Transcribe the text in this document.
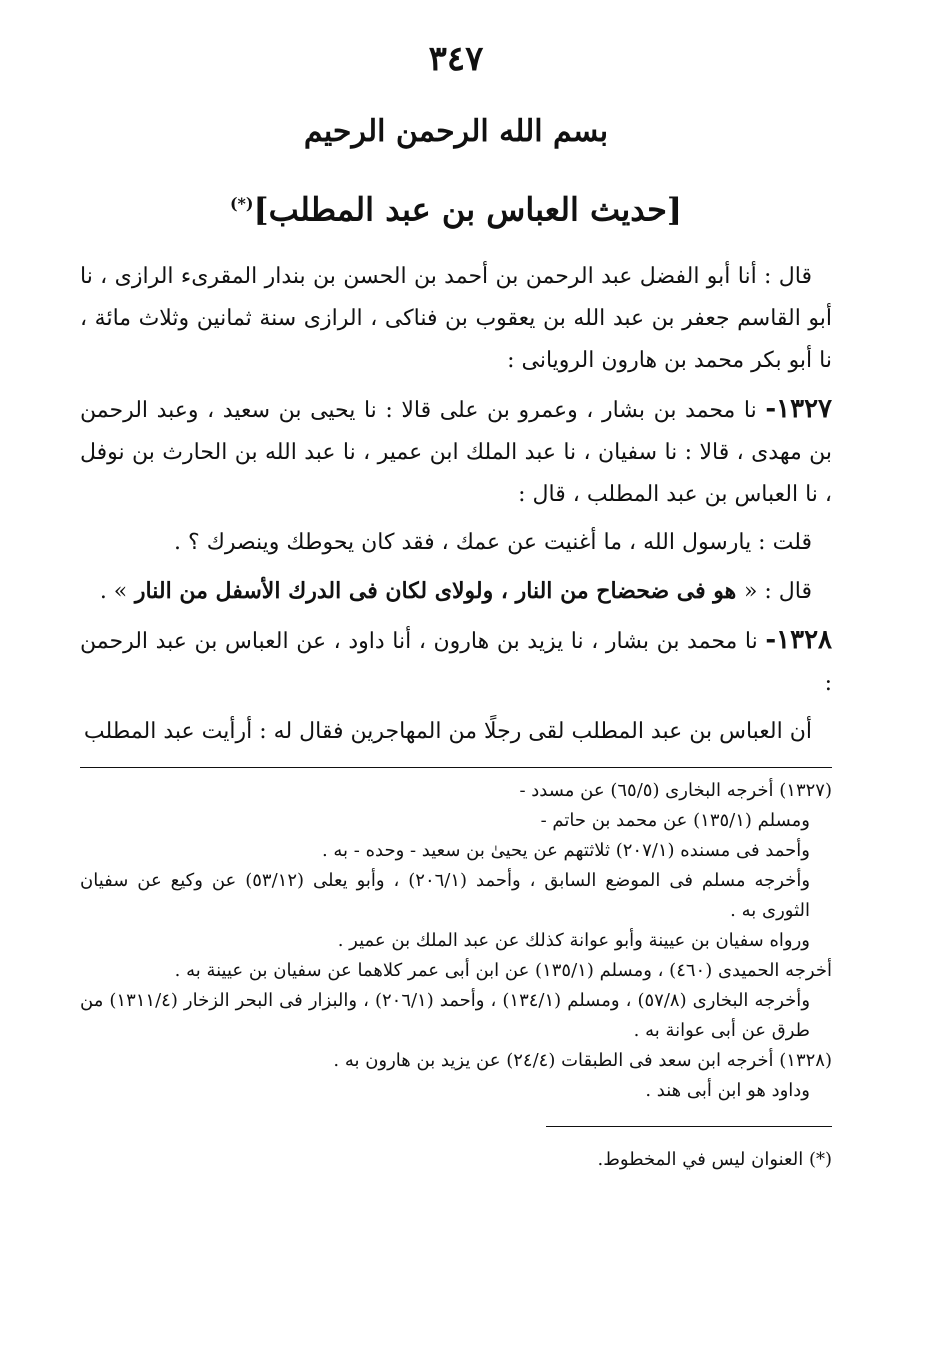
٣٤٧
بسم الله الرحمن الرحيم
[حديث العباس بن عبد المطلب](*)

قال : أنا أبو الفضل عبد الرحمن بن أحمد بن الحسن بن بندار المقرىء الرازى ، نا أبو القاسم جعفر بن عبد الله بن يعقوب بن فناكى ، الرازى سنة ثمانين وثلاث مائة ، نا أبو بكر محمد بن هارون الرويانى :

١٣٢٧- نا محمد بن بشار ، وعمرو بن على قالا : نا يحيى بن سعيد ، وعبد الرحمن بن مهدى ، قالا : نا سفيان ، نا عبد الملك ابن عمير ، نا عبد الله بن الحارث بن نوفل ، نا العباس بن عبد المطلب ، قال :

قلت : يارسول الله ، ما أغنيت عن عمك ، فقد كان يحوطك وينصرك ؟ .

قال : « هو فى ضحضاح من النار ، ولولاى لكان فى الدرك الأسفل من النار » .

١٣٢٨- نا محمد بن بشار ، نا يزيد بن هارون ، أنا داود ، عن العباس بن عبد الرحمن :

أن العباس بن عبد المطلب لقى رجلًا من المهاجرين فقال له : أرأيت عبد المطلب

(١٣٢٧) أخرجه البخارى (٦٥/٥) عن مسدد -

ومسلم (١٣٥/١) عن محمد بن حاتم -

وأحمد فى مسنده (٢٠٧/١) ثلاثتهم عن يحيىٰ بن سعيد - وحده - به .

وأخرجه مسلم فى الموضع السابق ، وأحمد (٢٠٦/١) ، وأبو يعلى (٥٣/١٢) عن وكيع عن سفيان الثورى به .

ورواه سفيان بن عيينة وأبو عوانة كذلك عن عبد الملك بن عمير .

أخرجه الحميدى (٤٦٠) ، ومسلم (١٣٥/١) عن ابن أبى عمر كلاهما عن سفيان بن عيينة به .

وأخرجه البخارى (٥٧/٨) ، ومسلم (١٣٤/١) ، وأحمد (٢٠٦/١) ، والبزار فى البحر الزخار (١٣١١/٤) من طرق عن أبى عوانة به .

(١٣٢٨) أخرجه ابن سعد فى الطبقات (٢٤/٤) عن يزيد بن هارون به .

وداود هو ابن أبى هند .

(*) العنوان ليس في المخطوط.
